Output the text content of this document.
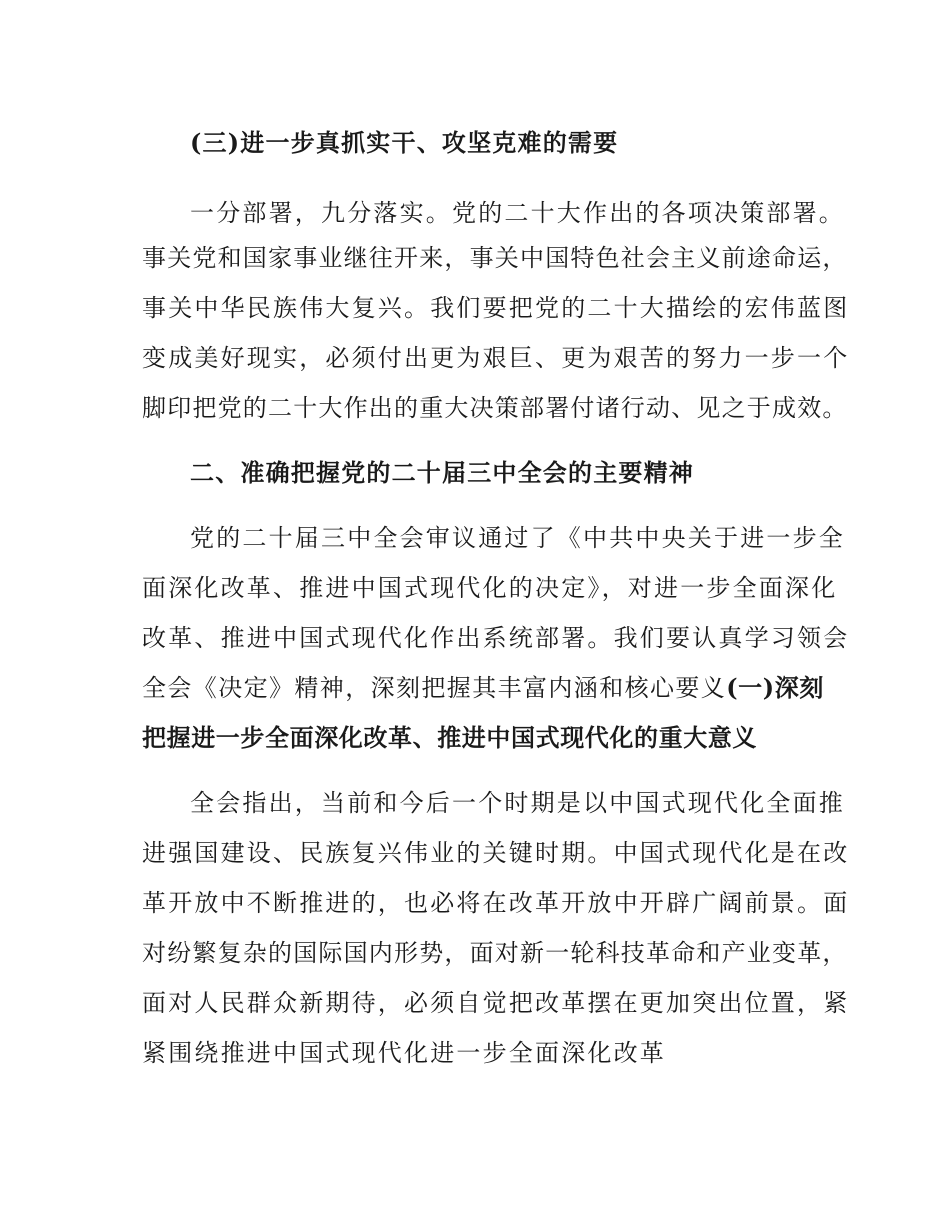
(三)进一步真抓实干、攻坚克难的需要
一分部署，九分落实。党的二十大作出的各项决策部署。
事关党和国家事业继往开来，事关中国特色社会主义前途命运，
事关中华民族伟大复兴。我们要把党的二十大描绘的宏伟蓝图
变成美好现实，必须付出更为艰巨、更为艰苦的努力一步一个
脚印把党的二十大作出的重大决策部署付诸行动、见之于成效。
二、准确把握党的二十届三中全会的主要精神
党的二十届三中全会审议通过了《中共中央关于进一步全
面深化改革、推进中国式现代化的决定》，对进一步全面深化
改革、推进中国式现代化作出系统部署。我们要认真学习领会
全会《决定》精神，深刻把握其丰富内涵和核心要义(一)深刻
把握进一步全面深化改革、推进中国式现代化的重大意义
全会指出，当前和今后一个时期是以中国式现代化全面推
进强国建设、民族复兴伟业的关键时期。中国式现代化是在改
革开放中不断推进的，也必将在改革开放中开辟广阔前景。面
对纷繁复杂的国际国内形势，面对新一轮科技革命和产业变革，
面对人民群众新期待，必须自觉把改革摆在更加突出位置，紧
紧围绕推进中国式现代化进一步全面深化改革
